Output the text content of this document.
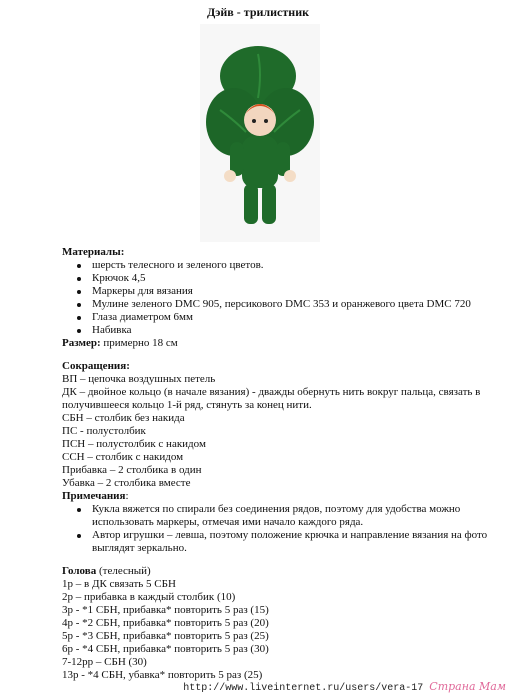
Дэйв - трилистник
Материалы:
шерсть телесного и зеленого цветов.
Крючок 4,5
Маркеры для вязания
Мулине зеленого DMC 905, персикового DMC 353 и оранжевого цвета DMC 720
Глаза диаметром 6мм
Набивка
Размер: примерно 18 см
Сокращения:
ВП – цепочка воздушных петель
ДК – двойное кольцо (в начале вязания) - дважды обернуть нить вокруг пальца, связать в
получившееся кольцо 1-й ряд, стянуть за конец нити.
СБН – столбик без накида
ПС - полустолбик
ПСН – полустолбик с накидом
ССН – столбик с накидом
Прибавка – 2 столбика в один
Убавка – 2 столбика вместе
Примечания:
Кукла вяжется по спирали без соединения рядов, поэтому для удобства можно использовать маркеры, отмечая ими начало каждого ряда.
Автор игрушки – левша, поэтому положение крючка и направление вязания на фото выглядят зеркально.
Голова (телесный)
1р – в ДК связать 5 СБН
2р – прибавка в каждый столбик (10)
3р - *1 СБН, прибавка* повторить 5 раз (15)
4р - *2 СБН, прибавка* повторить 5 раз (20)
5р - *3 СБН, прибавка* повторить 5 раз (25)
6р - *4 СБН, прибавка* повторить 5 раз (30)
7-12рр – СБН (30)
13р - *4 СБН, убавка* повторить 5 раз (25)
http://www.liveinternet.ru/users/vera-17 Страна Мам
